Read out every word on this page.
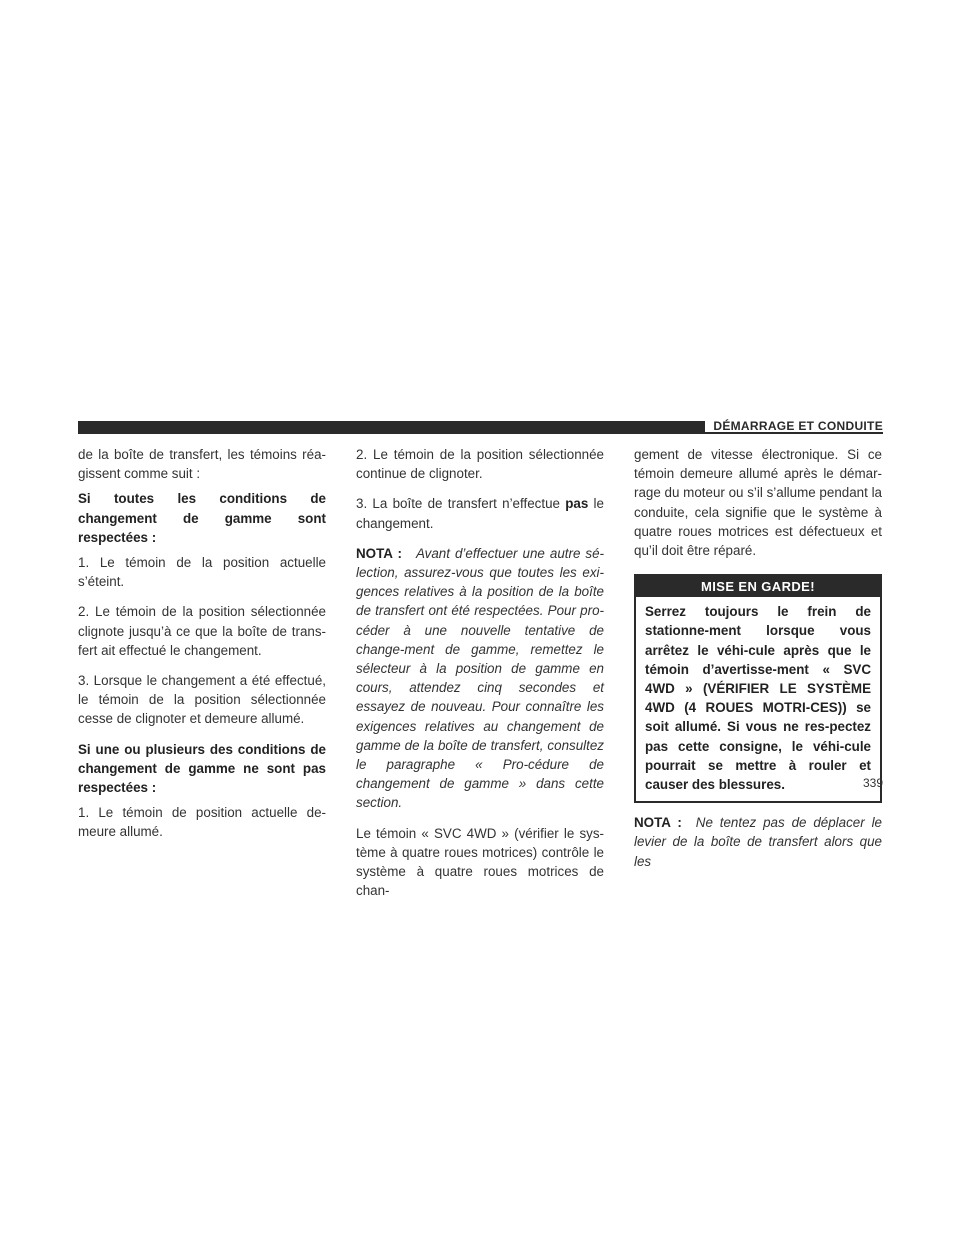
DÉMARRAGE ET CONDUITE

de la boîte de transfert, les témoins réa-gissent comme suit :

Si toutes les conditions de changement de gamme sont respectées :

1. Le témoin de la position actuelle s’éteint.

2. Le témoin de la position sélectionnée clignote jusqu’à ce que la boîte de trans-fert ait effectué le changement.

3. Lorsque le changement a été effectué, le témoin de la position sélectionnée cesse de clignoter et demeure allumé.

Si une ou plusieurs des conditions de changement de gamme ne sont pas respectées :

1. Le témoin de position actuelle de-meure allumé.

2. Le témoin de la position sélectionnée continue de clignoter.

3. La boîte de transfert n’effectue pas le changement.

NOTA : Avant d’effectuer une autre sé-lection, assurez-vous que toutes les exi-gences relatives à la position de la boîte de transfert ont été respectées. Pour pro-céder à une nouvelle tentative de change-ment de gamme, remettez le sélecteur à la position de gamme en cours, attendez cinq secondes et essayez de nouveau. Pour connaître les exigences relatives au changement de gamme de la boîte de transfert, consultez le paragraphe « Pro-cédure de changement de gamme » dans cette section.

Le témoin « SVC 4WD » (vérifier le sys-tème à quatre roues motrices) contrôle le système à quatre roues motrices de chan-

gement de vitesse électronique. Si ce témoin demeure allumé après le démar-rage du moteur ou s’il s’allume pendant la conduite, cela signifie que le système à quatre roues motrices est défectueux et qu’il doit être réparé.

MISE EN GARDE!
Serrez toujours le frein de stationne-ment lorsque vous arrêtez le véhi-cule après que le témoin d’avertisse-ment « SVC 4WD » (VÉRIFIER LE SYSTÈME 4WD (4 ROUES MOTRI-CES)) se soit allumé. Si vous ne res-pectez pas cette consigne, le véhi-cule pourrait se mettre à rouler et causer des blessures.

NOTA : Ne tentez pas de déplacer le levier de la boîte de transfert alors que les

339
